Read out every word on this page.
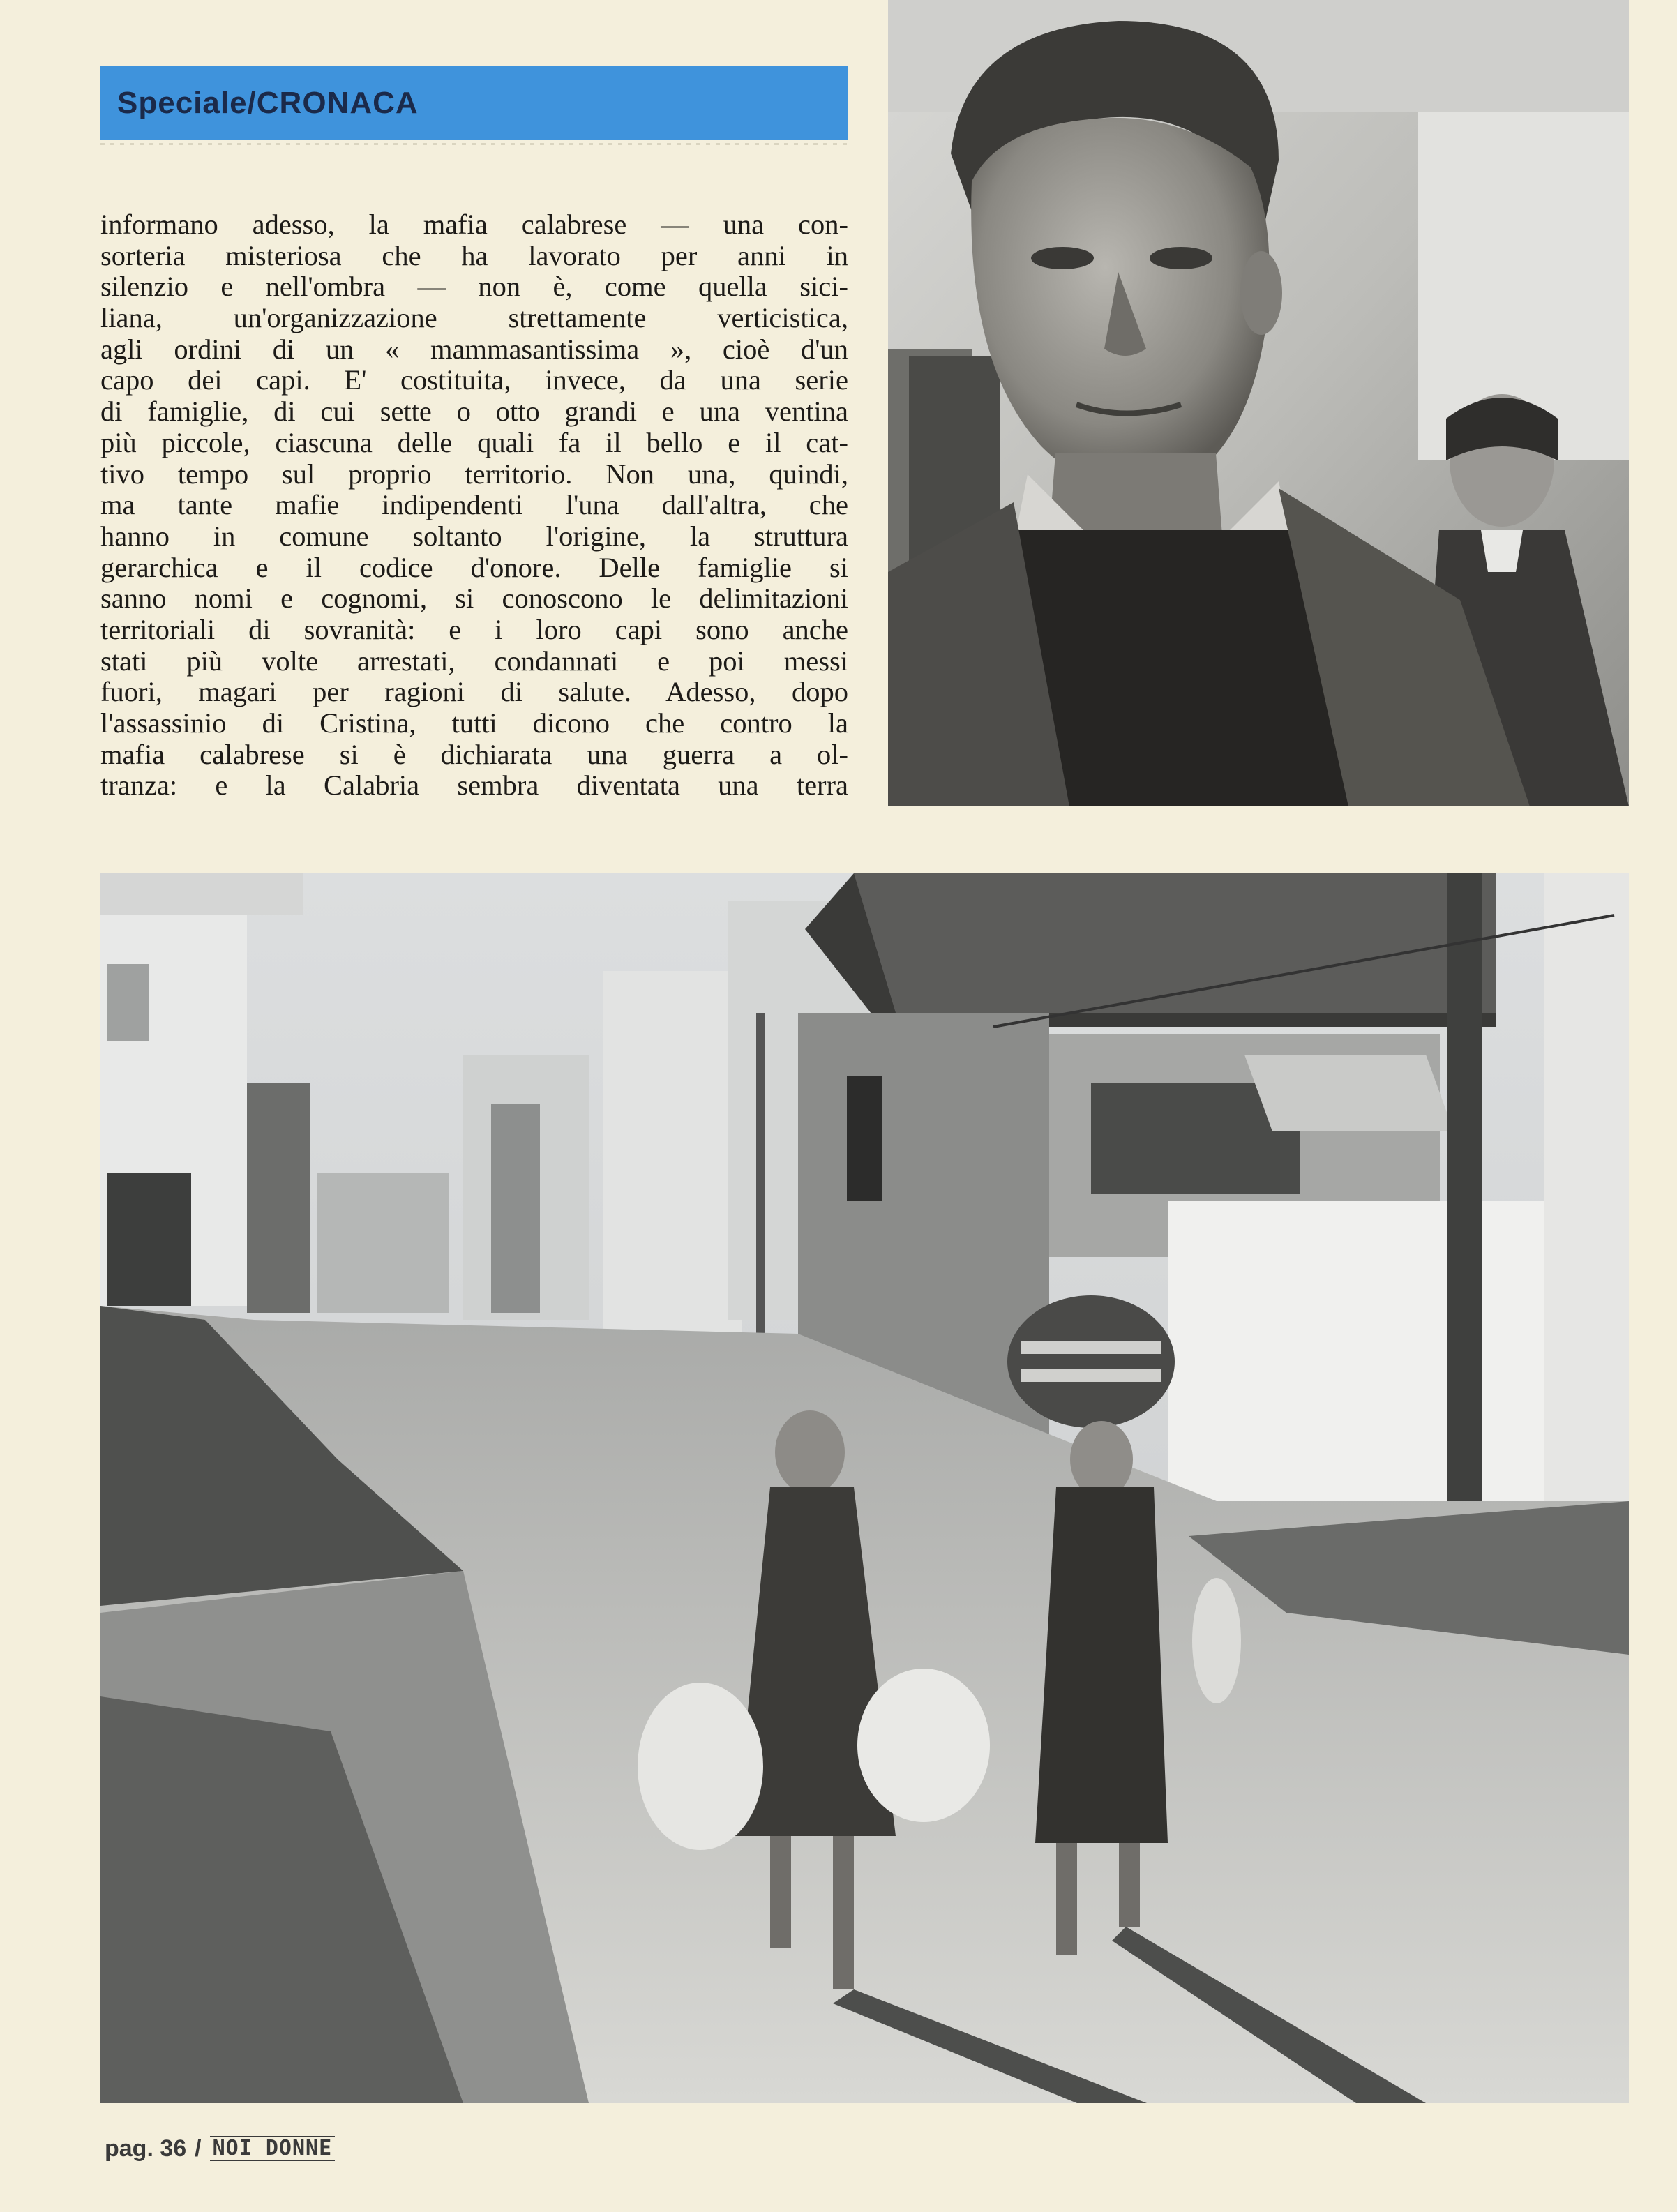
Speciale/CRONACA
informano adesso, la mafia calabrese — una con-
sorteria misteriosa che ha lavorato per anni in
silenzio e nell'ombra — non è, come quella sici-
liana, un'organizzazione strettamente verticistica,
agli ordini di un « mammasantissima », cioè d'un
capo dei capi. E' costituita, invece, da una serie
di famiglie, di cui sette o otto grandi e una ventina
più piccole, ciascuna delle quali fa il bello e il cat-
tivo tempo sul proprio territorio. Non una, quindi,
ma tante mafie indipendenti l'una dall'altra, che
hanno in comune soltanto l'origine, la struttura
gerarchica e il codice d'onore. Delle famiglie si
sanno nomi e cognomi, si conoscono le delimitazioni
territoriali di sovranità: e i loro capi sono anche
stati più volte arrestati, condannati e poi messi
fuori, magari per ragioni di salute. Adesso, dopo
l'assassinio di Cristina, tutti dicono che contro la
mafia calabrese si è dichiarata una guerra a ol-
tranza: e la Calabria sembra diventata una terra
pag. 36 / NOI DONNE
